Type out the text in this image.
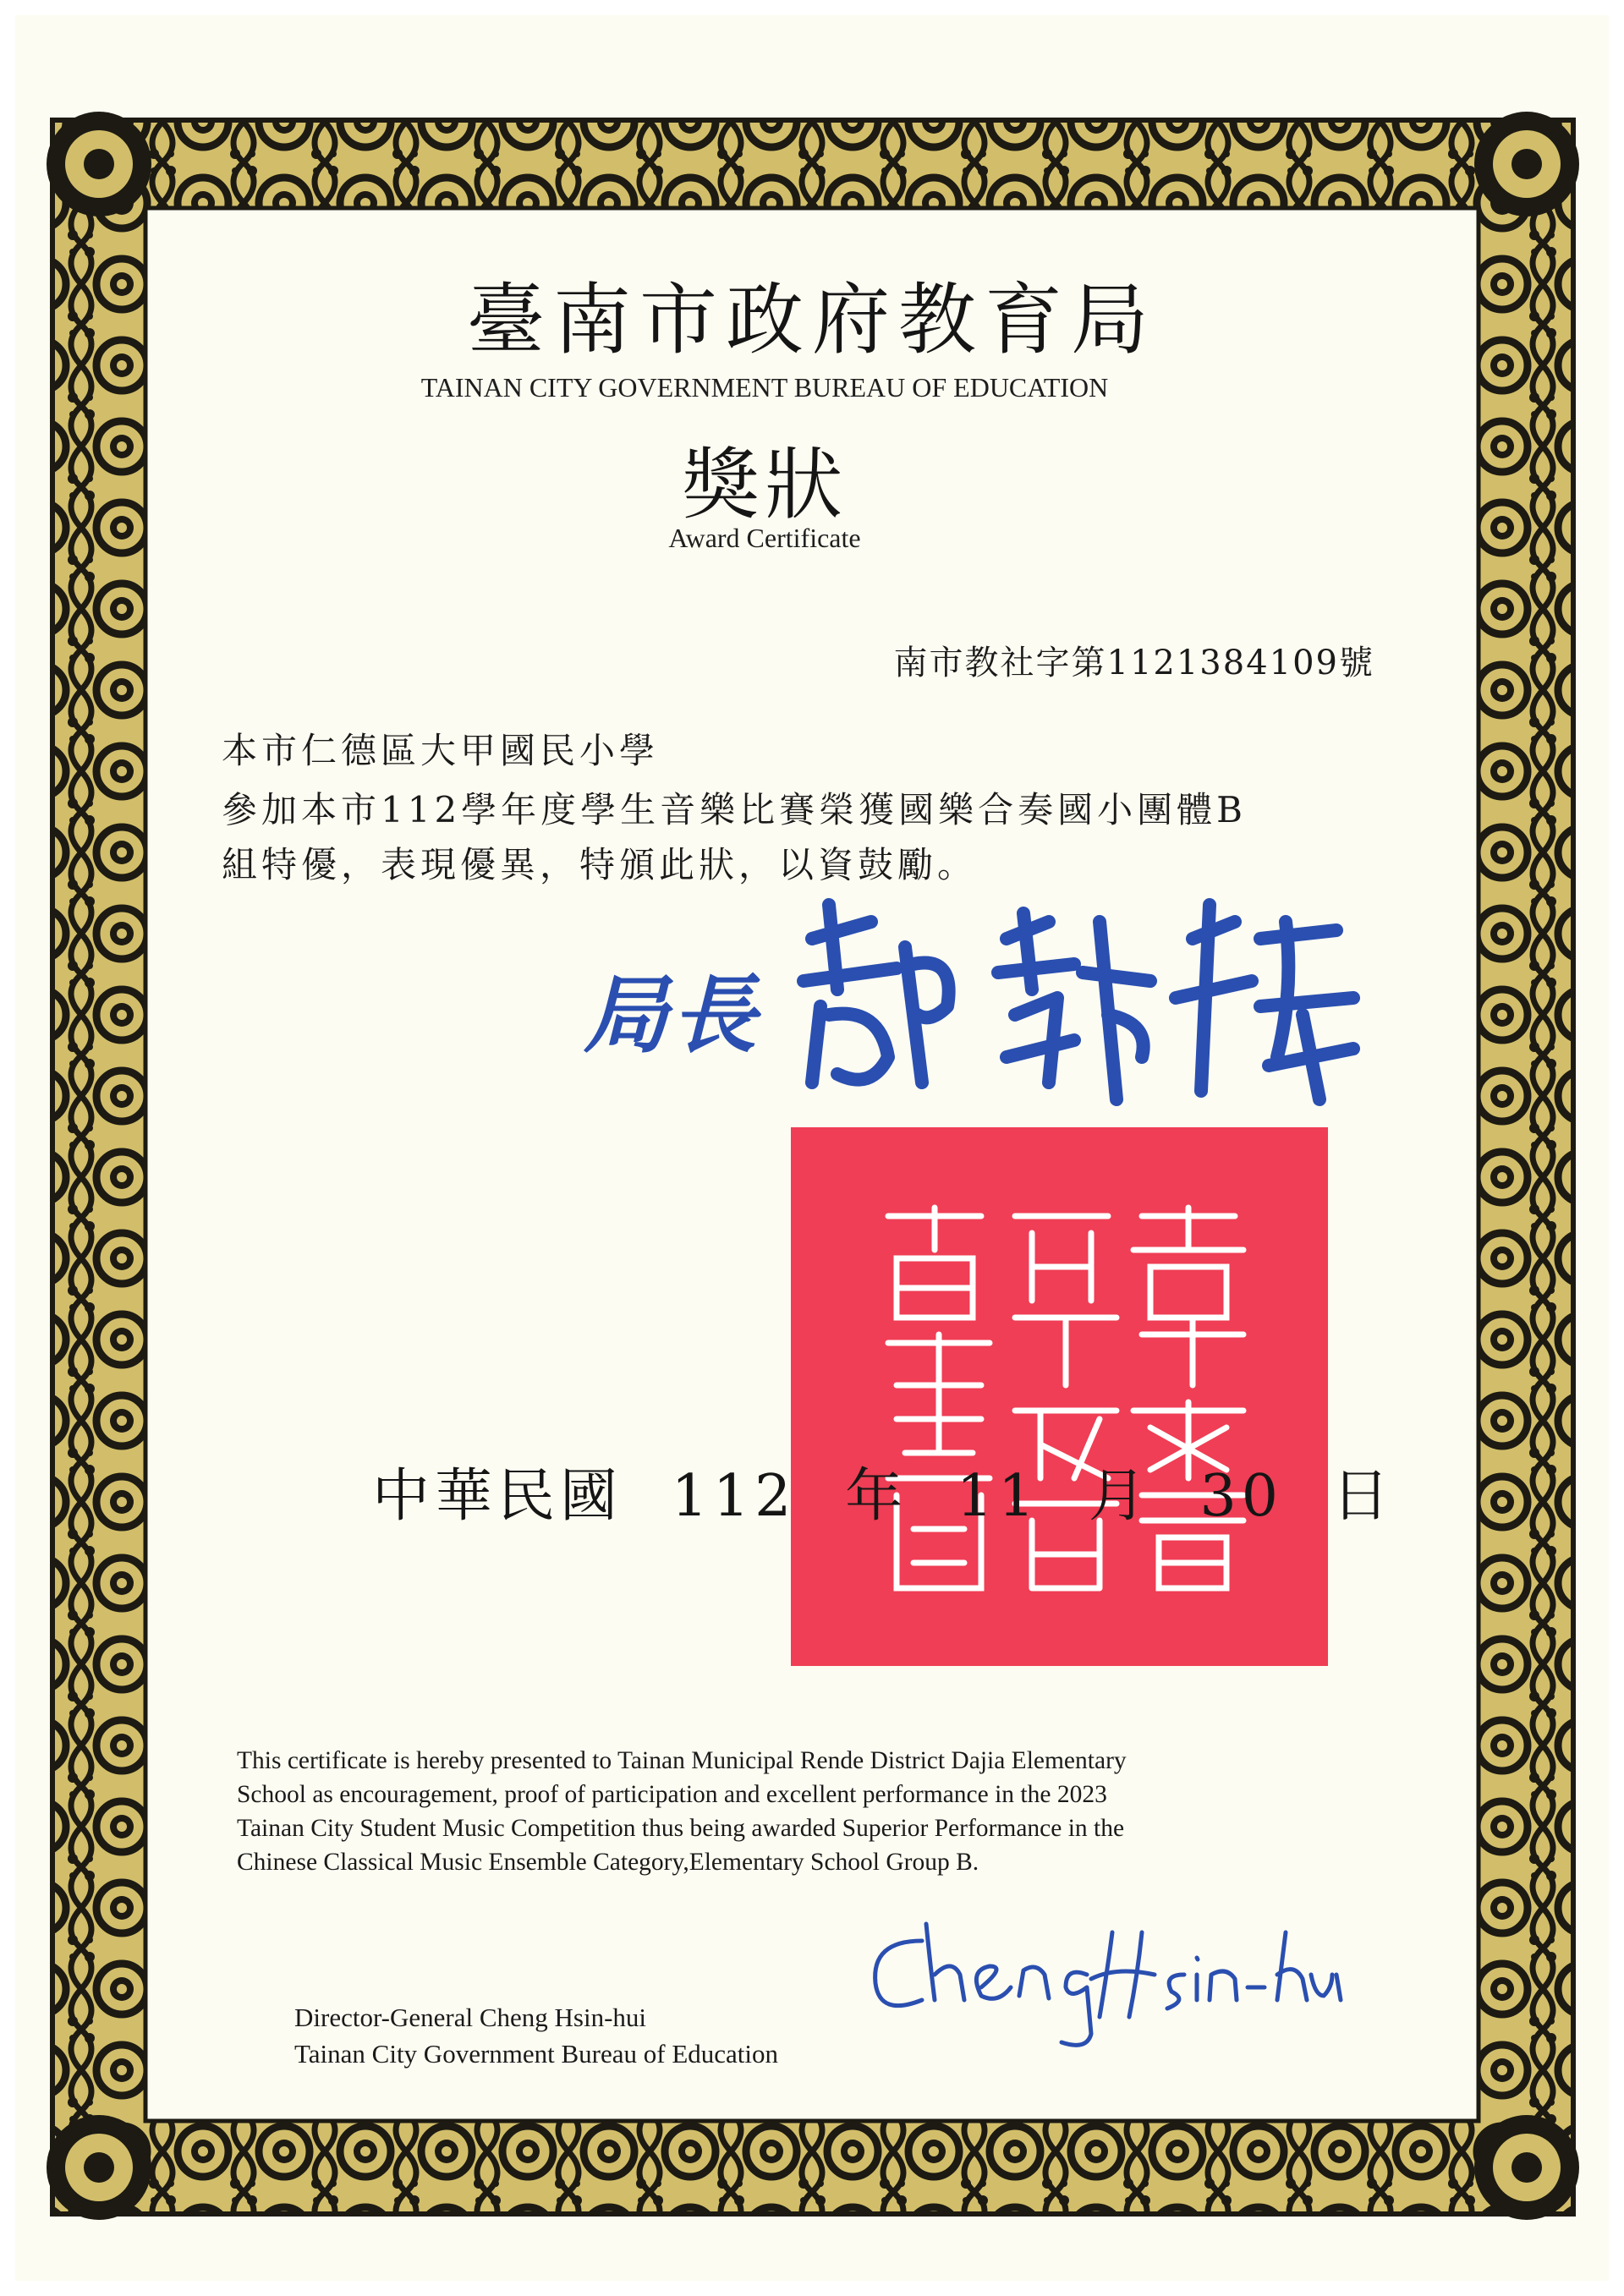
臺南市政府教育局
TAINAN CITY GOVERNMENT BUREAU OF EDUCATION
獎狀
Award Certificate
南市教社字第1121384109號
本市仁德區大甲國民小學
參加本市112學年度學生音樂比賽榮獲國樂合奏國小團體B
組特優，表現優異，特頒此狀，以資鼓勵。
局長
中華民國 112 年 11 月 30 日
This certificate is hereby presented to Tainan Municipal Rende District Dajia Elementary
School as encouragement, proof of participation and excellent performance in the 2023
Tainan City Student Music Competition thus being awarded Superior Performance in the
Chinese Classical Music Ensemble Category,Elementary School Group B.
Director-General Cheng Hsin-hui
Tainan City Government Bureau of Education
